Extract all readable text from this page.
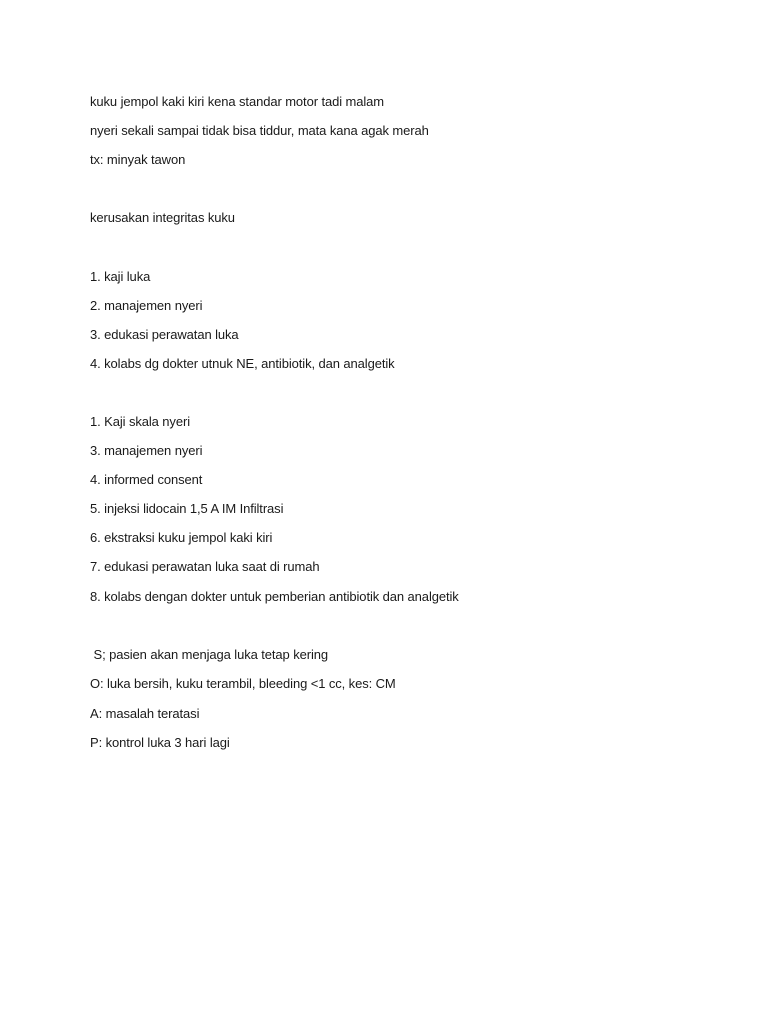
kuku jempol kaki kiri kena standar motor tadi malam
nyeri sekali sampai tidak bisa tiddur, mata kana agak merah
tx: minyak tawon
kerusakan integritas kuku
1. kaji luka
2. manajemen nyeri
3. edukasi perawatan luka
4. kolabs dg dokter utnuk NE, antibiotik, dan analgetik
1. Kaji skala nyeri
3. manajemen nyeri
4. informed consent
5. injeksi lidocain 1,5 A IM Infiltrasi
6. ekstraksi kuku jempol kaki kiri
7. edukasi perawatan luka saat di rumah
8. kolabs dengan dokter untuk pemberian antibiotik dan analgetik
S; pasien akan menjaga luka tetap kering
O: luka bersih, kuku terambil, bleeding <1 cc, kes: CM
A: masalah teratasi
P: kontrol luka 3 hari lagi
